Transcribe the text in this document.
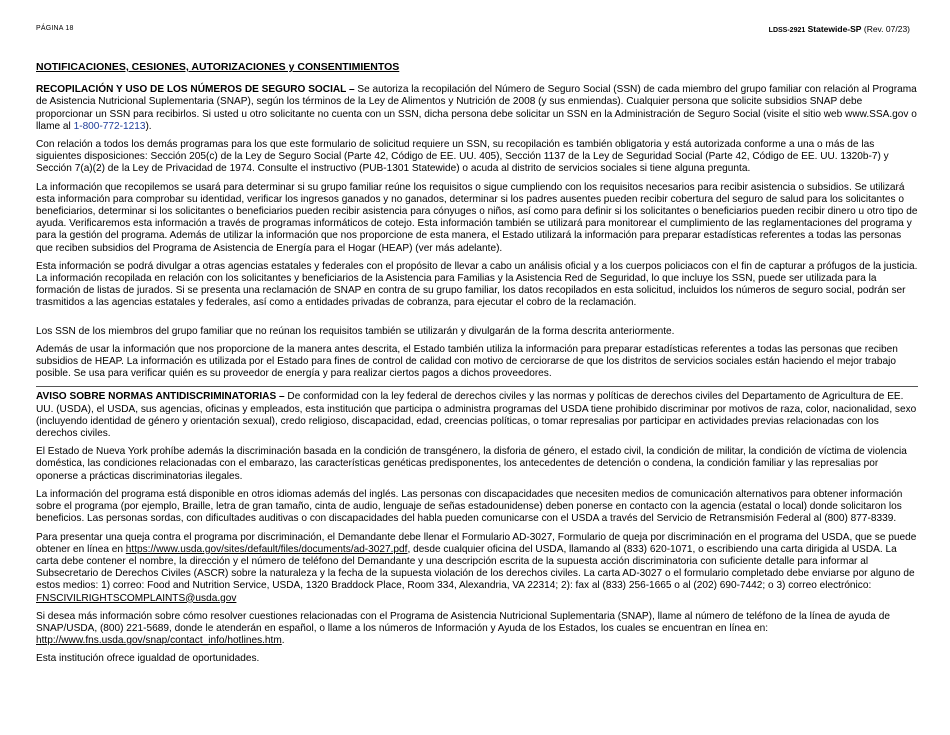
PÁGINA 18	LDSS-2921 Statewide-SP (Rev. 07/23)
NOTIFICACIONES, CESIONES, AUTORIZACIONES y CONSENTIMIENTOS

RECOPILACIÓN Y USO DE LOS NÚMEROS DE SEGURO SOCIAL – Se autoriza la recopilación del Número de Seguro Social (SSN) de cada miembro del grupo familiar con relación al Programa de Asistencia Nutricional Suplementaria (SNAP), según los términos de la Ley de Alimentos y Nutrición de 2008 (y sus enmiendas). Cualquier persona que solicite subsidios SNAP debe proporcionar un SSN para recibirlos. Si usted u otro solicitante no cuenta con un SSN, dicha persona debe solicitar un SSN en la Administración de Seguro Social (visite el sitio web www.SSA.gov o llame al 1-800-772-1213).

Con relación a todos los demás programas para los que este formulario de solicitud requiere un SSN, su recopilación es también obligatoria y está autorizada conforme a una o más de las siguientes disposiciones: Sección 205(c) de la Ley de Seguro Social (Parte 42, Código de EE. UU. 405), Sección 1137 de la Ley de Seguridad Social (Parte 42, Código de EE. UU. 1320b-7) y Sección 7(a)(2) de la Ley de Privacidad de 1974. Consulte el instructivo (PUB-1301 Statewide) o acuda al distrito de servicios sociales si tiene alguna pregunta.

La información que recopilemos se usará para determinar si su grupo familiar reúne los requisitos o sigue cumpliendo con los requisitos necesarios para recibir asistencia o subsidios. Se utilizará esta información para comprobar su identidad, verificar los ingresos ganados y no ganados, determinar si los padres ausentes pueden recibir cobertura del seguro de salud para los solicitantes o beneficiarios, determinar si los solicitantes o beneficiarios pueden recibir asistencia para cónyuges o niños, así como para definir si los solicitantes o beneficiarios pueden recibir dinero u otro tipo de ayuda. Verificaremos esta información a través de programas informáticos de cotejo. Esta información también se utilizará para monitorear el cumplimiento de las reglamentaciones del programa y para la gestión del programa. Además de utilizar la información que nos proporcione de esta manera, el Estado utilizará la información para preparar estadísticas referentes a todas las personas que reciben subsidios del Programa de Asistencia de Energía para el Hogar (HEAP) (ver más adelante).

Esta información se podrá divulgar a otras agencias estatales y federales con el propósito de llevar a cabo un análisis oficial y a los cuerpos policiacos con el fin de capturar a prófugos de la justicia. La información recopilada en relación con los solicitantes y beneficiarios de la Asistencia para Familias y la Asistencia Red de Seguridad, lo que incluye los SSN, puede ser utilizada para la formación de listas de jurados. Si se presenta una reclamación de SNAP en contra de su grupo familiar, los datos recopilados en esta solicitud, incluidos los números de seguro social, podrán ser trasmitidos a las agencias estatales y federales, así como a entidades privadas de cobranza, para ejecutar el cobro de la reclamación.

Los SSN de los miembros del grupo familiar que no reúnan los requisitos también se utilizarán y divulgarán de la forma descrita anteriormente.

Además de usar la información que nos proporcione de la manera antes descrita, el Estado también utiliza la información para preparar estadísticas referentes a todas las personas que reciben subsidios de HEAP. La información es utilizada por el Estado para fines de control de calidad con motivo de cerciorarse de que los distritos de servicios sociales están haciendo el mejor trabajo posible. Se usa para verificar quién es su proveedor de energía y para realizar ciertos pagos a dichos proveedores.

AVISO SOBRE NORMAS ANTIDISCRIMINATORIAS – De conformidad con la ley federal de derechos civiles y las normas y políticas de derechos civiles del Departamento de Agricultura de EE. UU. (USDA), el USDA, sus agencias, oficinas y empleados, esta institución que participa o administra programas del USDA tiene prohibido discriminar por motivos de raza, color, nacionalidad, sexo (incluyendo identidad de género y orientación sexual), credo religioso, discapacidad, edad, creencias políticas, o tomar represalias por participar en actividades previas relacionadas con los derechos civiles.

El Estado de Nueva York prohíbe además la discriminación basada en la condición de transgénero, la disforia de género, el estado civil, la condición de militar, la condición de víctima de violencia doméstica, las condiciones relacionadas con el embarazo, las características genéticas predisponentes, los antecedentes de detención o condena, la condición familiar y las represalias por oponerse a prácticas discriminatorias ilegales.

La información del programa está disponible en otros idiomas además del inglés. Las personas con discapacidades que necesiten medios de comunicación alternativos para obtener información sobre el programa (por ejemplo, Braille, letra de gran tamaño, cinta de audio, lenguaje de señas estadounidense) deben ponerse en contacto con la agencia (estatal o local) donde solicitaron los beneficios. Las personas sordas, con dificultades auditivas o con discapacidades del habla pueden comunicarse con el USDA a través del Servicio de Retransmisión Federal al (800) 877-8339.

Para presentar una queja contra el programa por discriminación, el Demandante debe llenar el Formulario AD-3027, Formulario de queja por discriminación en el programa del USDA, que se puede obtener en línea en https://www.usda.gov/sites/default/files/documents/ad-3027.pdf, desde cualquier oficina del USDA, llamando al (833) 620-1071, o escribiendo una carta dirigida al USDA. La carta debe contener el nombre, la dirección y el número de teléfono del Demandante y una descripción escrita de la supuesta acción discriminatoria con suficiente detalle para informar al Subsecretario de Derechos Civiles (ASCR) sobre la naturaleza y la fecha de la supuesta violación de los derechos civiles. La carta AD-3027 o el formulario completado debe enviarse por alguno de estos medios: 1) correo: Food and Nutrition Service, USDA, 1320 Braddock Place, Room 334, Alexandria, VA 22314; 2): fax al (833) 256-1665 o al (202) 690-7442; o 3) correo electrónico: FNSCIVILRIGHTSCOMPLAINTS@usda.gov

Si desea más información sobre cómo resolver cuestiones relacionadas con el Programa de Asistencia Nutricional Suplementaria (SNAP), llame al número de teléfono de la línea de ayuda de SNAP/USDA, (800) 221-5689, donde le atenderán en español, o llame a los números de Información y Ayuda de los Estados, los cuales se encuentran en línea en: http://www.fns.usda.gov/snap/contact_info/hotlines.htm.

Esta institución ofrece igualdad de oportunidades.
